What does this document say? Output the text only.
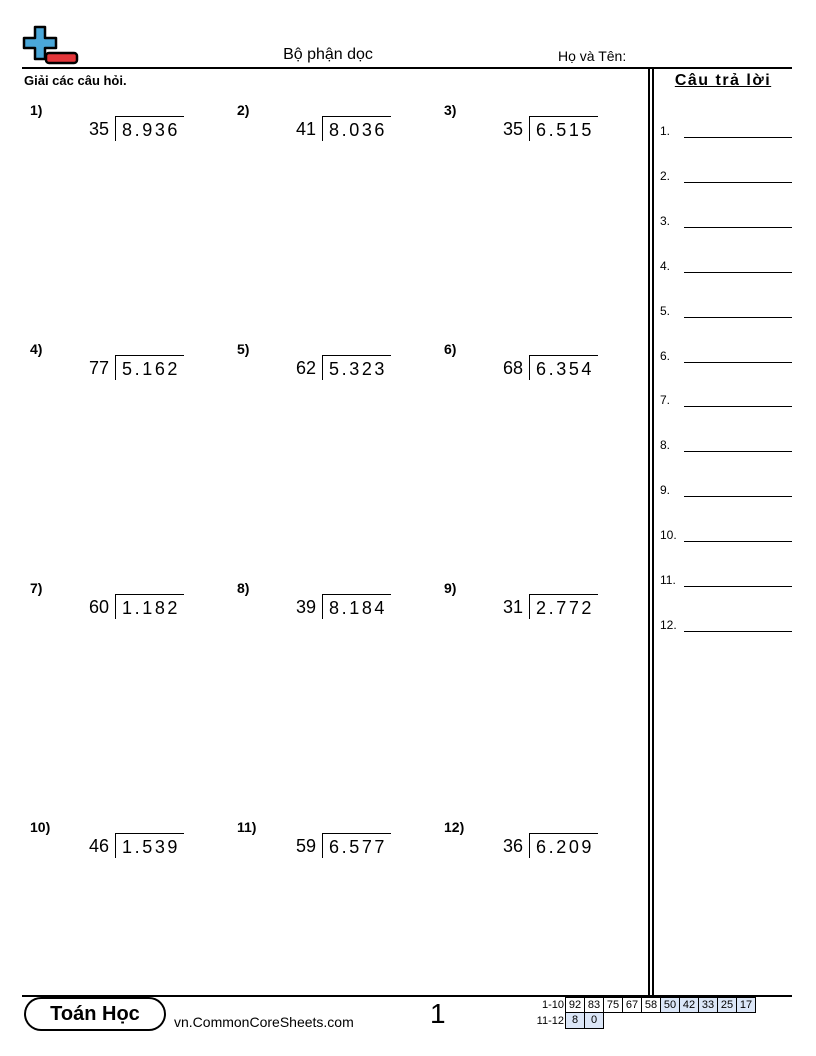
Bộ phận dọc	Họ và Tên:
Giải các câu hỏi.
1)
35 8.936
2)
41 8.036
3)
35 6.515
4)
77 5.162
5)
62 5.323
6)
68 6.354
7)
60 1.182
8)
39 8.184
9)
31 2.772
10)
46 1.539
11)
59 6.577
12)
36 6.209
Câu trả lời
1.
2.
3.
4.
5.
6.
7.
8.
9.
10.
11.
12.
Toán Học	vn.CommonCoreSheets.com	1	1-10 92 83 75 67 58 50 42 33 25 17
11-12 8	0
